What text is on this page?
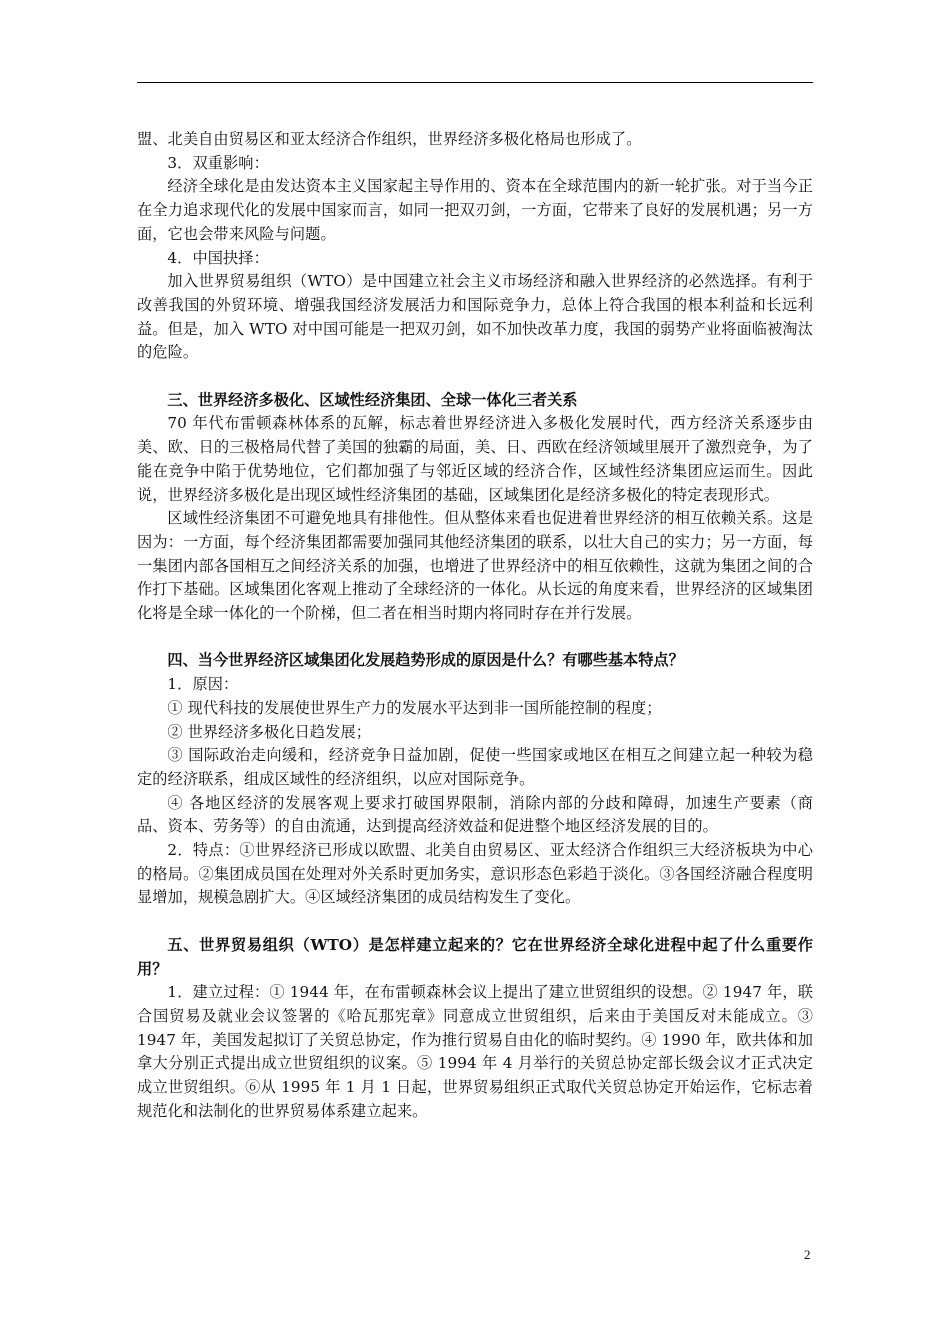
盟、北美自由贸易区和亚太经济合作组织，世界经济多极化格局也形成了。

3．双重影响：

经济全球化是由发达资本主义国家起主导作用的、资本在全球范围内的新一轮扩张。对于当今正在全力追求现代化的发展中国家而言，如同一把双刃剑，一方面，它带来了良好的发展机遇；另一方面，它也会带来风险与问题。

4．中国抉择：

加入世界贸易组织（WTO）是中国建立社会主义市场经济和融入世界经济的必然选择。有利于改善我国的外贸环境、增强我国经济发展活力和国际竞争力，总体上符合我国的根本利益和长远利益。但是，加入 WTO 对中国可能是一把双刃剑，如不加快改革力度，我国的弱势产业将面临被淘汰的危险。

三、世界经济多极化、区域性经济集团、全球一体化三者关系

70 年代布雷顿森林体系的瓦解，标志着世界经济进入多极化发展时代，西方经济关系逐步由美、欧、日的三极格局代替了美国的独霸的局面，美、日、西欧在经济领域里展开了激烈竞争，为了能在竞争中陷于优势地位，它们都加强了与邻近区域的经济合作，区域性经济集团应运而生。因此说，世界经济多极化是出现区域性经济集团的基础，区域集团化是经济多极化的特定表现形式。

区域性经济集团不可避免地具有排他性。但从整体来看也促进着世界经济的相互依赖关系。这是因为：一方面，每个经济集团都需要加强同其他经济集团的联系，以壮大自己的实力；另一方面，每一集团内部各国相互之间经济关系的加强，也增进了世界经济中的相互依赖性，这就为集团之间的合作打下基础。区域集团化客观上推动了全球经济的一体化。从长远的角度来看，世界经济的区域集团化将是全球一体化的一个阶梯，但二者在相当时期内将同时存在并行发展。

四、当今世界经济区域集团化发展趋势形成的原因是什么？有哪些基本特点？

1．原因：

① 现代科技的发展使世界生产力的发展水平达到非一国所能控制的程度；

② 世界经济多极化日趋发展；

③ 国际政治走向缓和，经济竞争日益加剧，促使一些国家或地区在相互之间建立起一种较为稳定的经济联系，组成区域性的经济组织，以应对国际竞争。

④ 各地区经济的发展客观上要求打破国界限制，消除内部的分歧和障碍，加速生产要素（商品、资本、劳务等）的自由流通，达到提高经济效益和促进整个地区经济发展的目的。

2．特点：①世界经济已形成以欧盟、北美自由贸易区、亚太经济合作组织三大经济板块为中心的格局。②集团成员国在处理对外关系时更加务实，意识形态色彩趋于淡化。③各国经济融合程度明显增加，规模急剧扩大。④区域经济集团的成员结构发生了变化。

五、世界贸易组织（WTO）是怎样建立起来的？它在世界经济全球化进程中起了什么重要作用？

1．建立过程：① 1944 年，在布雷顿森林会议上提出了建立世贸组织的设想。② 1947 年，联合国贸易及就业会议签署的《哈瓦那宪章》同意成立世贸组织，后来由于美国反对未能成立。③ 1947 年，美国发起拟订了关贸总协定，作为推行贸易自由化的临时契约。④ 1990 年，欧共体和加拿大分别正式提出成立世贸组织的议案。⑤ 1994 年 4 月举行的关贸总协定部长级会议才正式决定成立世贸组织。⑥从 1995 年 1 月 1 日起，世界贸易组织正式取代关贸总协定开始运作，它标志着规范化和法制化的世界贸易体系建立起来。

2
